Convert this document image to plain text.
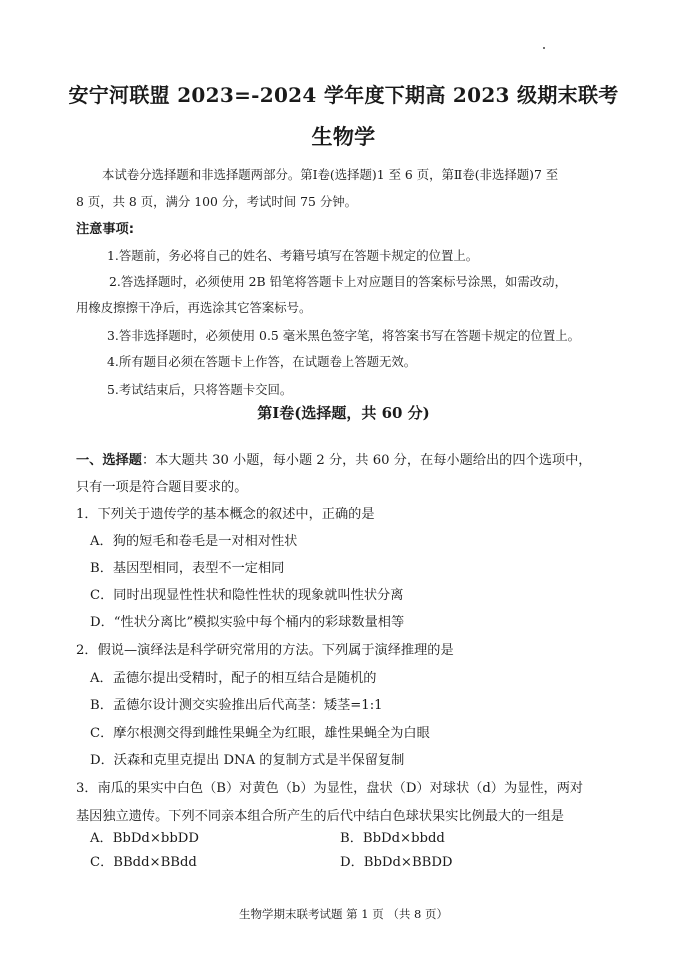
安宁河联盟 2023=-2024 学年度下期高 2023 级期末联考
生物学
本试卷分选择题和非选择题两部分。第Ⅰ卷(选择题)1 至 6 页，第Ⅱ卷(非选择题)7 至
8 页，共 8 页，满分 100 分，考试时间 75 分钟。
注意事项:
1.答题前，务必将自己的姓名、考籍号填写在答题卡规定的位置上。
2.答选择题时，必须使用 2B 铅笔将答题卡上对应题目的答案标号涂黑，如需改动，
用橡皮擦擦干净后，再选涂其它答案标号。
3.答非选择题时，必须使用 0.5 毫米黑色签字笔，将答案书写在答题卡规定的位置上。
4.所有题目必须在答题卡上作答，在试题卷上答题无效。
5.考试结束后，只将答题卡交回。
第Ⅰ卷(选择题，共 60 分)
一、选择题：本大题共 30 小题，每小题 2 分，共 60 分，在每小题给出的四个选项中，
只有一项是符合题目要求的。
1．下列关于遗传学的基本概念的叙述中，正确的是
A．狗的短毛和卷毛是一对相对性状
B．基因型相同，表型不一定相同
C．同时出现显性性状和隐性性状的现象就叫性状分离
D．“性状分离比”模拟实验中每个桶内的彩球数量相等
2．假说—演绎法是科学研究常用的方法。下列属于演绎推理的是
A．孟德尔提出受精时，配子的相互结合是随机的
B．孟德尔设计测交实验推出后代高茎：矮茎=1:1
C．摩尔根测交得到雌性果蝇全为红眼，雄性果蝇全为白眼
D．沃森和克里克提出 DNA 的复制方式是半保留复制
3．南瓜的果实中白色（B）对黄色（b）为显性，盘状（D）对球状（d）为显性，两对
基因独立遗传。下列不同亲本组合所产生的后代中结白色球状果实比例最大的一组是
A．BbDd×bbDD	B．BbDd×bbdd
C．BBdd×BBdd	D．BbDd×BBDD
生物学期末联考试题 第 1 页 （共 8 页）
